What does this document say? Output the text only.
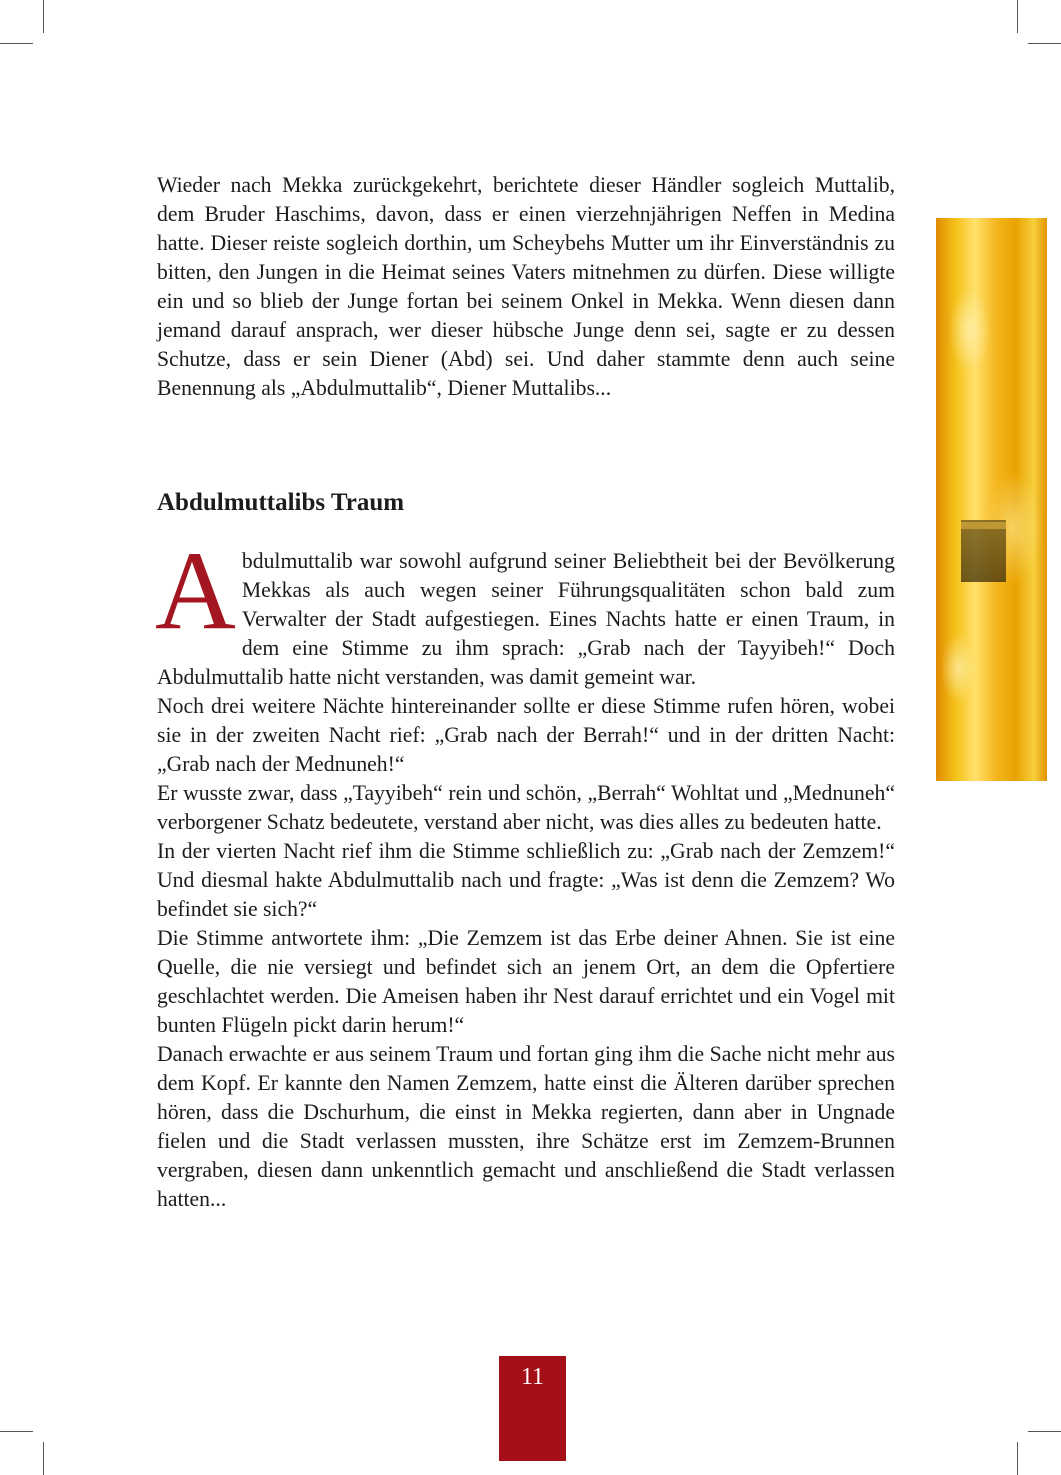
Wieder nach Mekka zurückgekehrt, berichtete dieser Händler sogleich Muttalib, dem Bruder Haschims, davon, dass er einen vierzehnjährigen Neffen in Medina hatte. Dieser reiste sogleich dorthin, um Scheybehs Mutter um ihr Einverständnis zu bitten, den Jungen in die Heimat seines Vaters mitnehmen zu dürfen. Diese willigte ein und so blieb der Junge fortan bei seinem Onkel in Mekka. Wenn diesen dann jemand darauf ansprach, wer dieser hübsche Junge denn sei, sagte er zu dessen Schutze, dass er sein Diener (Abd) sei. Und daher stammte denn auch seine Benennung als „Abdulmuttalib“, Diener Muttalibs...

Abdulmuttalibs Traum

Abdulmuttalib war sowohl aufgrund seiner Beliebtheit bei der Bevölkerung Mekkas als auch wegen seiner Führungsqualitäten schon bald zum Verwalter der Stadt aufgestiegen. Eines Nachts hatte er einen Traum, in dem eine Stimme zu ihm sprach: „Grab nach der Tayyibeh!“ Doch Abdulmuttalib hatte nicht verstanden, was damit gemeint war.

Noch drei weitere Nächte hintereinander sollte er diese Stimme rufen hören, wobei sie in der zweiten Nacht rief: „Grab nach der Berrah!“ und in der dritten Nacht: „Grab nach der Mednuneh!“

Er wusste zwar, dass „Tayyibeh“ rein und schön, „Berrah“ Wohltat und „Mednuneh“ verborgener Schatz bedeutete, verstand aber nicht, was dies alles zu bedeuten hatte.

In der vierten Nacht rief ihm die Stimme schließlich zu: „Grab nach der Zemzem!“ Und diesmal hakte Abdulmuttalib nach und fragte: „Was ist denn die Zemzem? Wo befindet sie sich?“

Die Stimme antwortete ihm: „Die Zemzem ist das Erbe deiner Ahnen. Sie ist eine Quelle, die nie versiegt und befindet sich an jenem Ort, an dem die Opfertiere geschlachtet werden. Die Ameisen haben ihr Nest darauf errichtet und ein Vogel mit bunten Flügeln pickt darin herum!“

Danach erwachte er aus seinem Traum und fortan ging ihm die Sache nicht mehr aus dem Kopf. Er kannte den Namen Zemzem, hatte einst die Älteren darüber sprechen hören, dass die Dschurhum, die einst in Mekka regierten, dann aber in Ungnade fielen und die Stadt verlassen mussten, ihre Schätze erst im Zemzem-Brunnen vergraben, diesen dann unkenntlich gemacht und anschließend die Stadt verlassen hatten...

11
